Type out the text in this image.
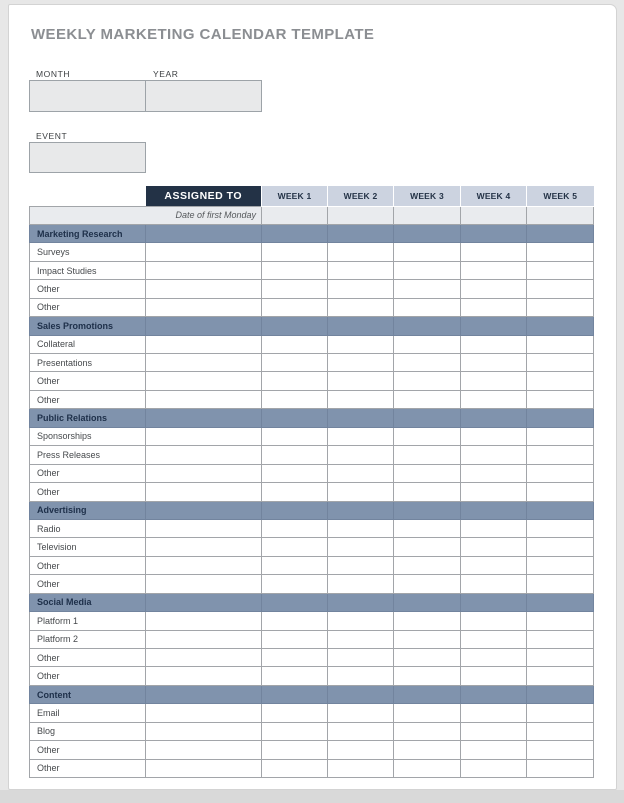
WEEKLY MARKETING CALENDAR TEMPLATE
MONTH	YEAR
EVENT
	ASSIGNED TO	WEEK 1	WEEK 2	WEEK 3	WEEK 4	WEEK 5
Date of first Monday						
Marketing Research						
Surveys						
Impact Studies						
Other						
Other						
Sales Promotions						
Collateral						
Presentations						
Other						
Other						
Public Relations						
Sponsorships						
Press Releases						
Other						
Other						
Advertising						
Radio						
Television						
Other						
Other						
Social Media						
Platform 1						
Platform 2						
Other						
Other						
Content						
Email						
Blog						
Other						
Other						
